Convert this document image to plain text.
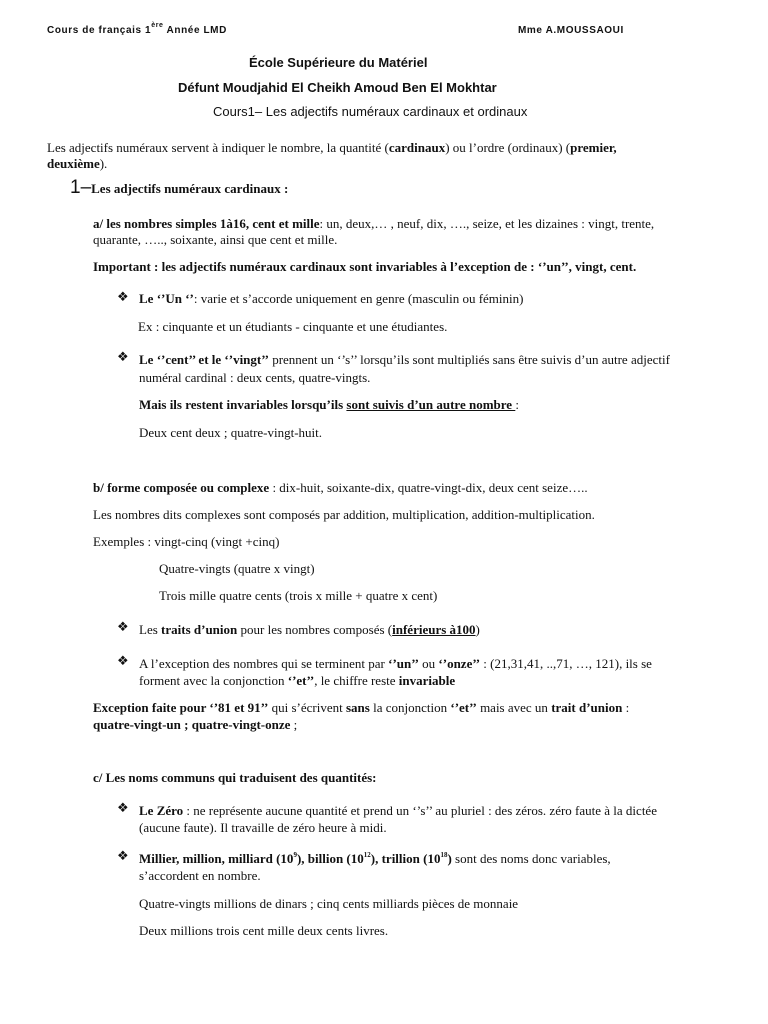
Cours de français 1ère Année LMD	Mme A.MOUSSAOUI
École Supérieure du Matériel
Défunt Moudjahid El Cheikh Amoud Ben El Mokhtar
Cours1– Les adjectifs numéraux cardinaux et ordinaux
Les adjectifs numéraux servent à indiquer le nombre, la quantité (cardinaux) ou l’ordre (ordinaux) (premier,
deuxième).
1–Les adjectifs numéraux cardinaux :
a/ les nombres simples 1à16, cent et mille: un, deux,… , neuf, dix, …., seize, et les dizaines : vingt, trente,
quarante, ….., soixante, ainsi que cent et mille.
Important : les adjectifs numéraux cardinaux sont invariables à l’exception de : ‘’un’’, vingt, cent.
❖ Le ‘’Un ‘’: varie et s’accorde uniquement en genre (masculin ou féminin)
Ex : cinquante et un étudiants - cinquante et une étudiantes.
❖ Le ‘’cent’’ et le ‘’vingt’’ prennent un ‘’s’’ lorsqu’ils sont multipliés sans être suivis d’un autre adjectif
numéral cardinal : deux cents, quatre-vingts.
Mais ils restent invariables lorsqu’ils sont suivis d’un autre nombre :
Deux cent deux ; quatre-vingt-huit.
b/ forme composée ou complexe : dix-huit, soixante-dix, quatre-vingt-dix, deux cent seize…..
Les nombres dits complexes sont composés par addition, multiplication, addition-multiplication.
Exemples : vingt-cinq (vingt +cinq)
Quatre-vingts (quatre x vingt)
Trois mille quatre cents (trois x mille + quatre x cent)
❖ Les traits d’union pour les nombres composés (inférieurs à100)
❖ A l’exception des nombres qui se terminent par ‘’un’’ ou ‘’onze’’ : (21,31,41, ..,71, …, 121), ils se
forment avec la conjonction ‘’et’’, le chiffre reste invariable
Exception faite pour ‘’81 et 91’’ qui s’écrivent sans la conjonction ‘’et’’ mais avec un trait d’union :
quatre-vingt-un ; quatre-vingt-onze ;
c/ Les noms communs qui traduisent des quantités:
❖ Le Zéro : ne représente aucune quantité et prend un ‘’s’’ au pluriel : des zéros. zéro faute à la dictée
(aucune faute). Il travaille de zéro heure à midi.
❖ Millier, million, milliard $(10^9)$, billion $(10^{12})$, trillion $(10^{18})$ sont des noms donc variables,
s’accordent en nombre.
Quatre-vingts millions de dinars ; cinq cents milliards pièces de monnaie
Deux millions trois cent mille deux cents livres.
